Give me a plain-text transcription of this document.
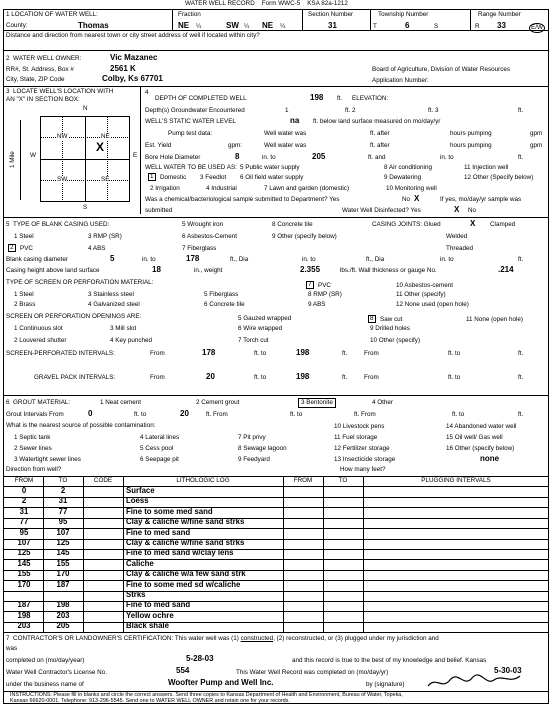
WATER WELL RECORD Form WWC-5 KSA 82a-1212
1 LOCATION OF WATER WELL:	Fraction	Section Number	Township Number	Range Number
County:	Thomas	NE ¼	SW ¼ NE ¼	31	T	6	S	R 33	E/W
Distance and direction from nearest town or city street address of well if located within city?
2 WATER WELL OWNER:	Vic Mazanec
RR#, St. Address, Box #	2561 K
City, State, ZIP Code	Colby, Ks 67701
Board of Agriculture, Division of Water Resources
Application Number:
3 LOCATE WELL'S LOCATION WITH
AN "X" IN SECTION BOX:
N
S
W	E
NW	NE
SW	SE
X
1 Mile
4
DEPTH OF COMPLETED WELL	198 ft. ELEVATION:
Depth(s) Groundwater Encountered	1	ft. 2	ft. 3	ft.
WELL'S STATIC WATER LEVEL	na ft. below land surface measured on mo/day/yr
Pump test data:	Well water was	ft. after	hours pumping	gpm
Est. Yield	gpm:	Well water was	ft. after	hours pumping	gpm
Bore Hole Diameter	8	in. to	205	ft. and	in. to	ft.
WELL WATER TO BE USED AS:
1	Domestic 3 Feedlot
5 Public water supply
6 Oil field water supply
8 Air conditioning
9 Dewatering
11 Injection well
12 Other (Specify below)
2 Irrigation	4 Industrial	7 Lawn and garden (domestic)	10 Monitoring well
Was a chemical/bacteriological sample submitted to Department? Yes	No X	If yes, mo/day/yr sample was
submitted	Water Well Disinfected? Yes	X No
5 TYPE OF BLANK CASING USED:
1 Steel	3 RMP (SR)
5 Wrought iron
6 Asbestos-Cement
8 Concrete tile
9 Other (specify below)
2	PVC	4 ABS	7 Fiberglass
CASING JOINTS: Glued	X Clamped
Welded
Threaded
Blank casing diameter	5	in. to	178	ft., Dia	in. to	ft., Dia	in. to	ft.
Casing height above land surface	18	in., weight	2.355	lbs./ft. Wall thickness or gauge No.	.214
TYPE OF SCREEN OR PERFORATION MATERIAL:
1 Steel	3 Stainless steel	5 Fiberglass
7	PVC
8 RMP (SR)
9 ABS
10 Asbestos-cement
11 Other (specify)
12 None used (open hole)
2 Brass	4 Galvanized steel	6 Concrete tile
SCREEN OR PERFORATION OPENINGS ARE:
1 Continuous slot
2 Louvered shutter
3 Mill slot
4 Key punched
5 Gauzed wrapped
6 Wire wrapped
7 Torch cut
8	Saw cut
9 Drilled holes
10 Other (specify)
11 None (open hole)
SCREEN-PERFORATED INTERVALS:	From	178	ft. to	198	ft.	From	ft. to	ft.
GRAVEL PACK INTERVALS:	From	20	ft. to	198	ft.	From	ft. to	ft.
6 GROUT MATERIAL:	1 Neat cement	2 Cement grout	3 Bentonite	4 Other
Grout Intervals From	0	ft. to	20	ft. From	ft. to	ft. From	ft. to	ft.
What is the nearest source of possible contamination:
1 Septic tank
2 Sewer lines
3 Watertight sewer lines
4 Lateral lines
5 Cess pool
6 Seepage pit
7 Pit privy
8 Sewage lagoon
9 Feedyard
10 Livestock pens
11 Fuel storage
12 Fertilizer storage
13 Insecticide storage
14 Abandoned water well
15 Oil well/ Gas well
16 Other (specify below)
none
Direction from well?	How many feet?
FROM	TO	CODE	LITHOLOGIC LOG	FROM	TO	PLUGGING INTERVALS
0	2	Surface
2	31	Loess
31	77	Fine to some med sand
77	95	Clay & caliche w/fine sand strks
95	107	Fine to med sand
107	125	Clay & caliche w/fine sand strks
125	145	Fine to med sand w/clay lens
145	155	Caliche
155	170	Clay & caliche w/a few sand strk
170	187	Fine to some med sd w/caliche
Strks
187	198	Fine to med sand
198	203	Yellow ochre
203	205	Black shale
7 CONTRACTOR'S OR LANDOWNER'S CERTIFICATION: This water well was (1) constructed, (2) reconstructed, or (3) plugged under my jurisdiction and
was
completed on (mo/day/year)	5-28-03	and this record is true to the best of my knowledge and belief. Kansas
Water Well Contractor's License No.	554	This Water Well Record was completed on (mo/day/yr)	5-30-03
under the business name of	Woofter Pump and Well Inc.	by (signature)
INSTRUCTIONS: Please fill in blanks and circle the correct answers. Send three copies to Kansas Department of Health and Environment, Bureau of Water, Topeka,
Kansas 66620-0001. Telephone: 913-296-5545. Send one to WATER WELL OWNER and retain one for your records.
